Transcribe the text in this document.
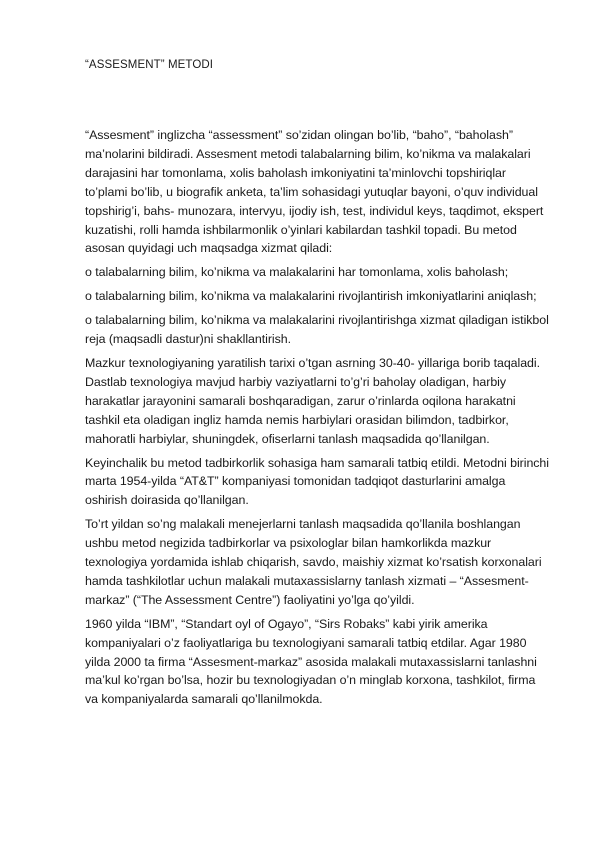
“ASSESMENT” METODI

“Assesment” inglizcha “assessment” so’zidan olingan bo’lib, “baho”, “baholash” ma’nolarini bildiradi. Assesment metodi talabalarning bilim, ko’nikma va malakalari darajasini har tomonlama, xolis baholash imkoniyatini ta’minlovchi topshiriqlar to’plami bo’lib, u biografik anketa, ta’lim sohasidagi yutuqlar bayoni, o’quv individual topshirig’i, bahs- munozara, intervyu, ijodiy ish, test, individul keys, taqdimot, ekspert kuzatishi, rolli hamda ishbilarmonlik o’yinlari kabilardan tashkil topadi. Bu metod asosan quyidagi uch maqsadga xizmat qiladi:

o talabalarning bilim, ko’nikma va malakalarini har tomonlama, xolis baholash;

o talabalarning bilim, ko’nikma va malakalarini rivojlantirish imkoniyatlarini aniqlash;

o talabalarning bilim, ko’nikma va malakalarini rivojlantirishga xizmat qiladigan istikbol reja (maqsadli dastur)ni shakllantirish.

Mazkur texnologiyaning yaratilish tarixi o’tgan asrning 30-40- yillariga borib taqaladi. Dastlab texnologiya mavjud harbiy vaziyatlarni to’g’ri baholay oladigan, harbiy harakatlar jarayonini samarali boshqaradigan, zarur o’rinlarda oqilona harakatni tashkil eta oladigan ingliz hamda nemis harbiylari orasidan bilimdon, tadbirkor, mahoratli harbiylar, shuningdek, ofiserlarni tanlash maqsadida qo’llanilgan.

Keyinchalik bu metod tadbirkorlik sohasiga ham samarali tatbiq etildi. Metodni birinchi marta 1954-yilda “AT&T” kompaniyasi tomonidan tadqiqot dasturlarini amalga oshirish doirasida qo’llanilgan.

To’rt yildan so’ng malakali menejerlarni tanlash maqsadida qo’llanila boshlangan ushbu metod negizida tadbirkorlar va psixologlar bilan hamkorlikda mazkur texnologiya yordamida ishlab chiqarish, savdo, maishiy xizmat ko’rsatish korxonalari hamda tashkilotlar uchun malakali mutaxassislarny tanlash xizmati – “Assesment-markaz” (“The Assessment Centre”) faoliyatini yo’lga qo’yildi.

1960 yilda “IBM”, “Standart oyl of Ogayo”, “Sirs Robaks” kabi yirik amerika kompaniyalari o’z faoliyatlariga bu texnologiyani samarali tatbiq etdilar. Agar 1980 yilda 2000 ta firma “Assesment-markaz” asosida malakali mutaxassislarni tanlashni ma’kul ko’rgan bo’lsa, hozir bu texnologiyadan o’n minglab korxona, tashkilot, firma va kompaniyalarda samarali qo’llanilmokda.
